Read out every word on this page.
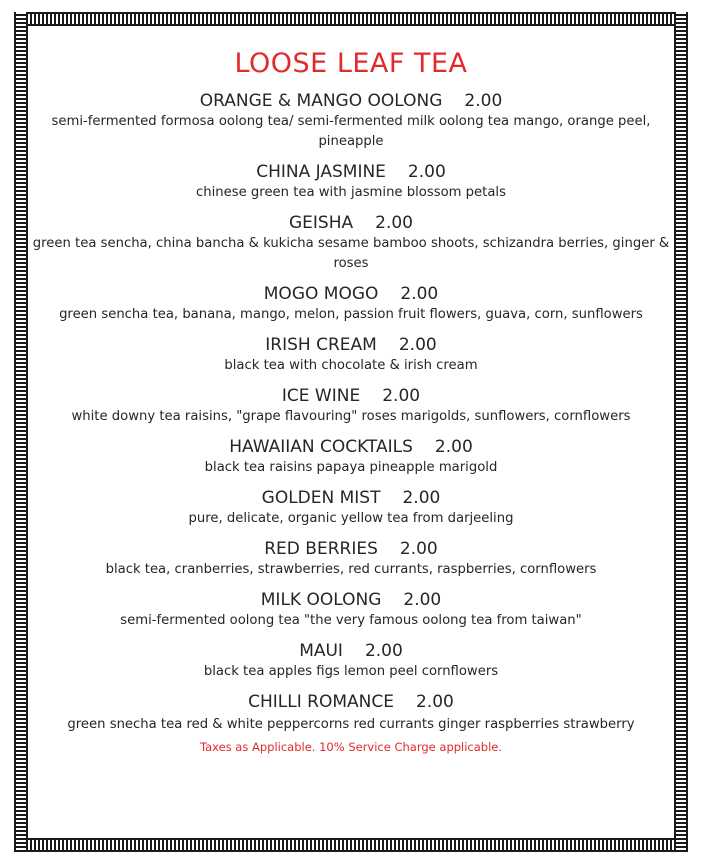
LOOSE LEAF TEA
ORANGE & MANGO OOLONG 2.00
semi-fermented formosa oolong tea/ semi-fermented milk oolong tea mango, orange peel, pineapple
CHINA JASMINE 2.00
chinese green tea with jasmine blossom petals
GEISHA 2.00
green tea sencha, china bancha & kukicha sesame bamboo shoots, schizandra berries, ginger & roses
MOGO MOGO 2.00
green sencha tea, banana, mango, melon, passion fruit flowers, guava, corn, sunflowers
IRISH CREAM 2.00
black tea with chocolate & irish cream
ICE WINE 2.00
white downy tea raisins, "grape flavouring" roses marigolds, sunflowers, cornflowers
HAWAIIAN COCKTAILS 2.00
black tea raisins papaya pineapple marigold
GOLDEN MIST 2.00
pure, delicate, organic yellow tea from darjeeling
RED BERRIES 2.00
black tea, cranberries, strawberries, red currants, raspberries, cornflowers
MILK OOLONG 2.00
semi-fermented oolong tea "the very famous oolong tea from taiwan"
MAUI 2.00
black tea apples figs lemon peel cornflowers
CHILLI ROMANCE 2.00
green snecha tea red & white peppercorns red currants ginger raspberries strawberry
Taxes as Applicable. 10% Service Charge applicable.
